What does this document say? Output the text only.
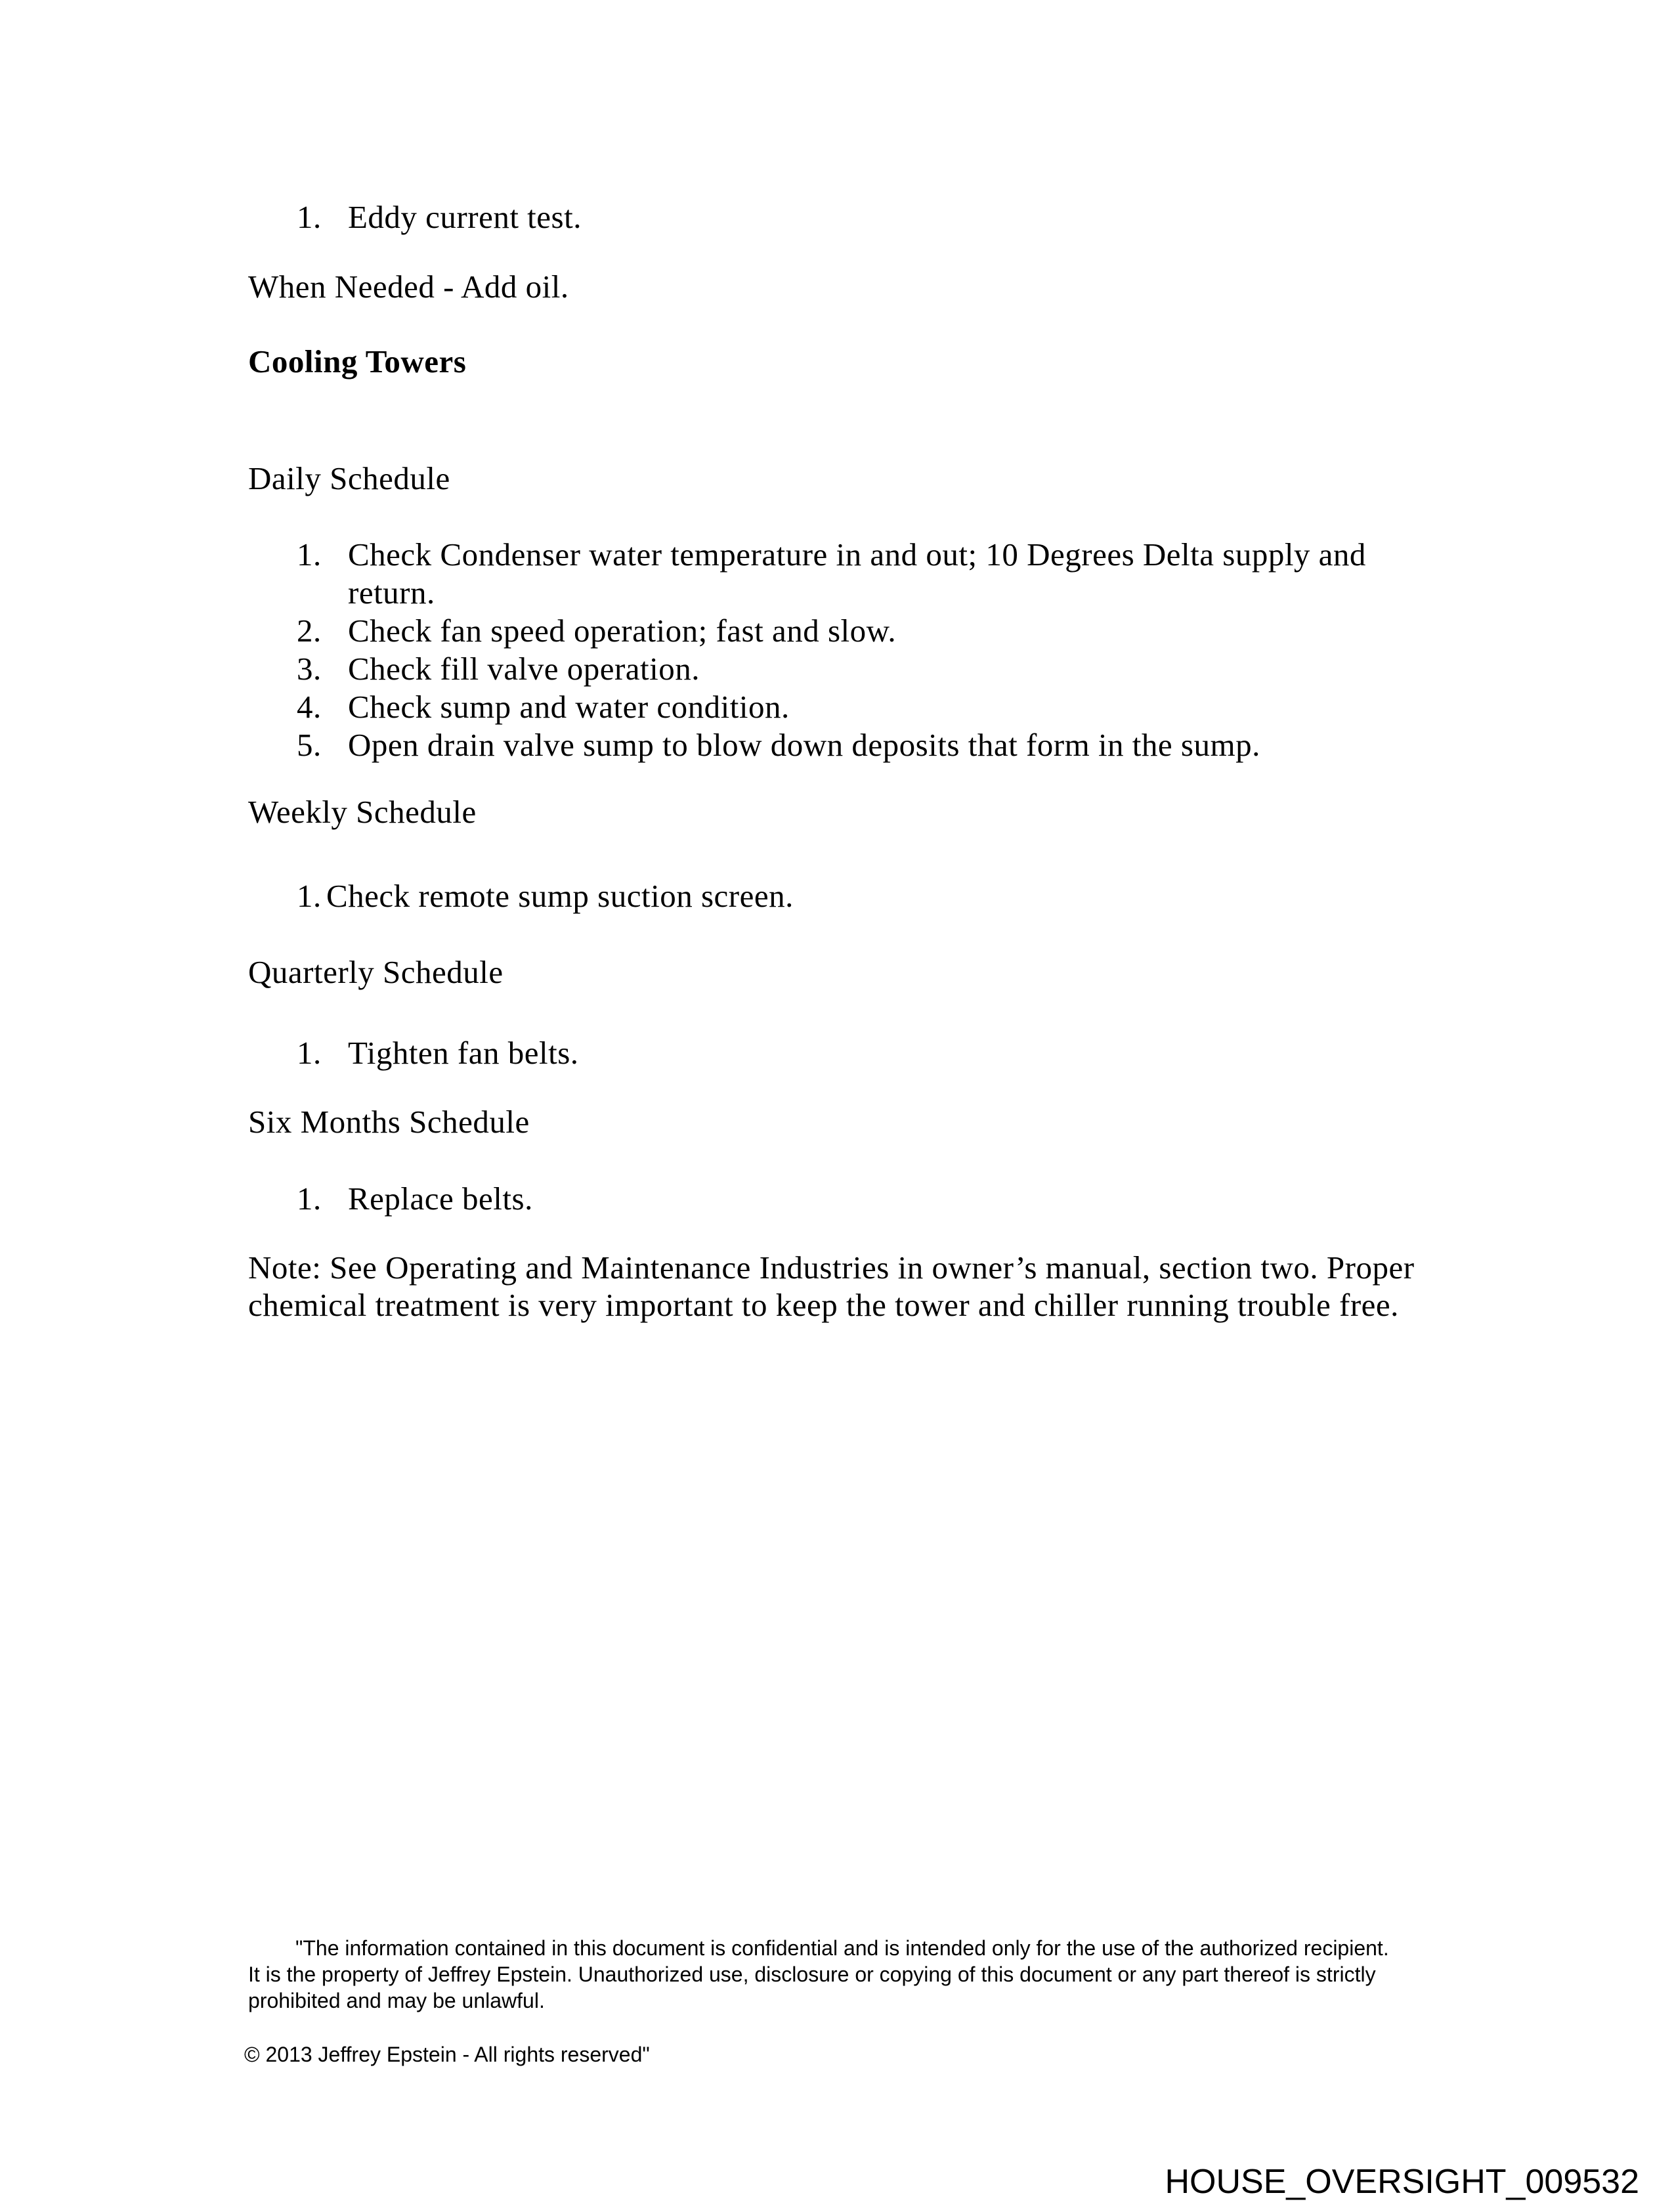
1. Eddy current test.
When Needed - Add oil.
Cooling Towers
Daily Schedule
1. Check Condenser water temperature in and out; 10 Degrees Delta supply and
return.
2. Check fan speed operation; fast and slow.
3. Check fill valve operation.
4. Check sump and water condition.
5. Open drain valve sump to blow down deposits that form in the sump.
Weekly Schedule
1. Check remote sump suction screen.
Quarterly Schedule
1. Tighten fan belts.
Six Months Schedule
1. Replace belts.
Note: See Operating and Maintenance Industries in owner’s manual, section two. Proper
chemical treatment is very important to keep the tower and chiller running trouble free.
"The information contained in this document is confidential and is intended only for the use of the authorized recipient.
It is the property of Jeffrey Epstein. Unauthorized use, disclosure or copying of this document or any part thereof is strictly
prohibited and may be unlawful.
© 2013 Jeffrey Epstein - All rights reserved"
HOUSE_OVERSIGHT_009532
